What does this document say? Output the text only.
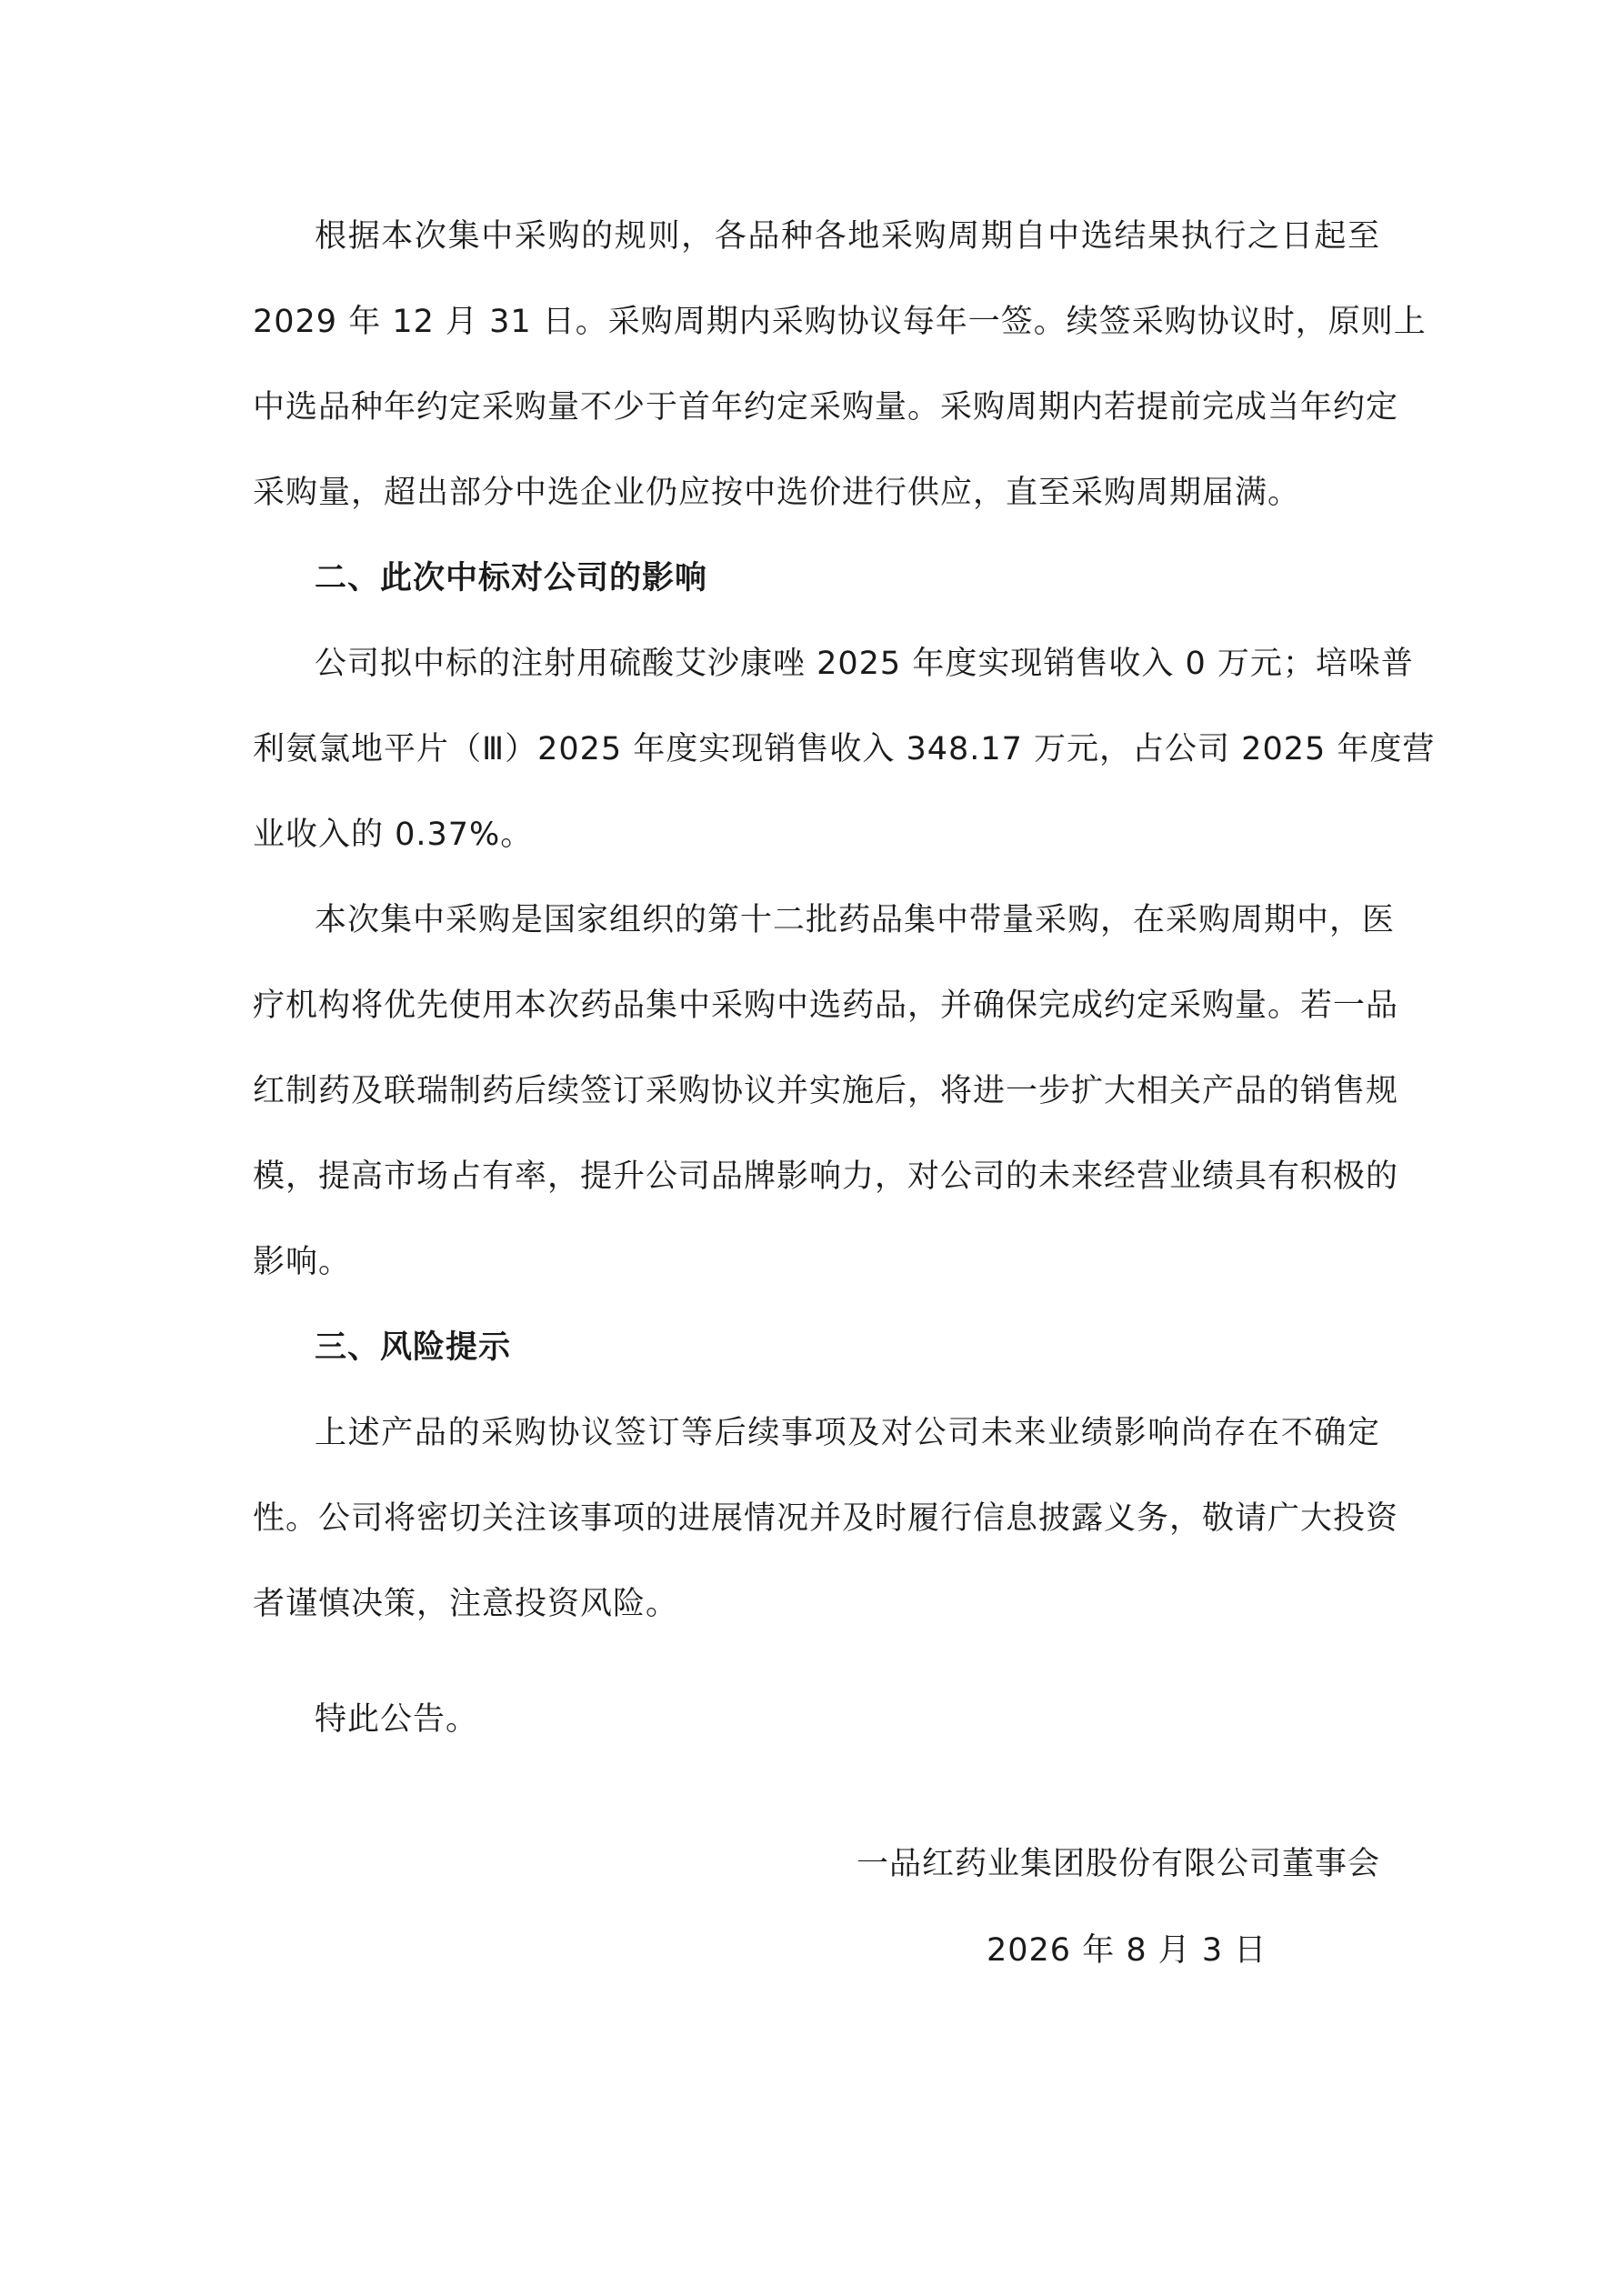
根据本次集中采购的规则，各品种各地采购周期自中选结果执行之日起至
2029 年 12 月 31 日。采购周期内采购协议每年一签。续签采购协议时，原则上
中选品种年约定采购量不少于首年约定采购量。采购周期内若提前完成当年约定
采购量，超出部分中选企业仍应按中选价进行供应，直至采购周期届满。
二、此次中标对公司的影响
公司拟中标的注射用硫酸艾沙康唑 2025 年度实现销售收入 0 万元；培哚普
利氨氯地平片（Ⅲ）2025 年度实现销售收入 348.17 万元，占公司 2025 年度营
业收入的 0.37%。
本次集中采购是国家组织的第十二批药品集中带量采购，在采购周期中，医
疗机构将优先使用本次药品集中采购中选药品，并确保完成约定采购量。若一品
红制药及联瑞制药后续签订采购协议并实施后，将进一步扩大相关产品的销售规
模，提高市场占有率，提升公司品牌影响力，对公司的未来经营业绩具有积极的
影响。
三、风险提示
上述产品的采购协议签订等后续事项及对公司未来业绩影响尚存在不确定
性。公司将密切关注该事项的进展情况并及时履行信息披露义务，敬请广大投资
者谨慎决策，注意投资风险。
特此公告。
一品红药业集团股份有限公司董事会
2026 年 8 月 3 日
